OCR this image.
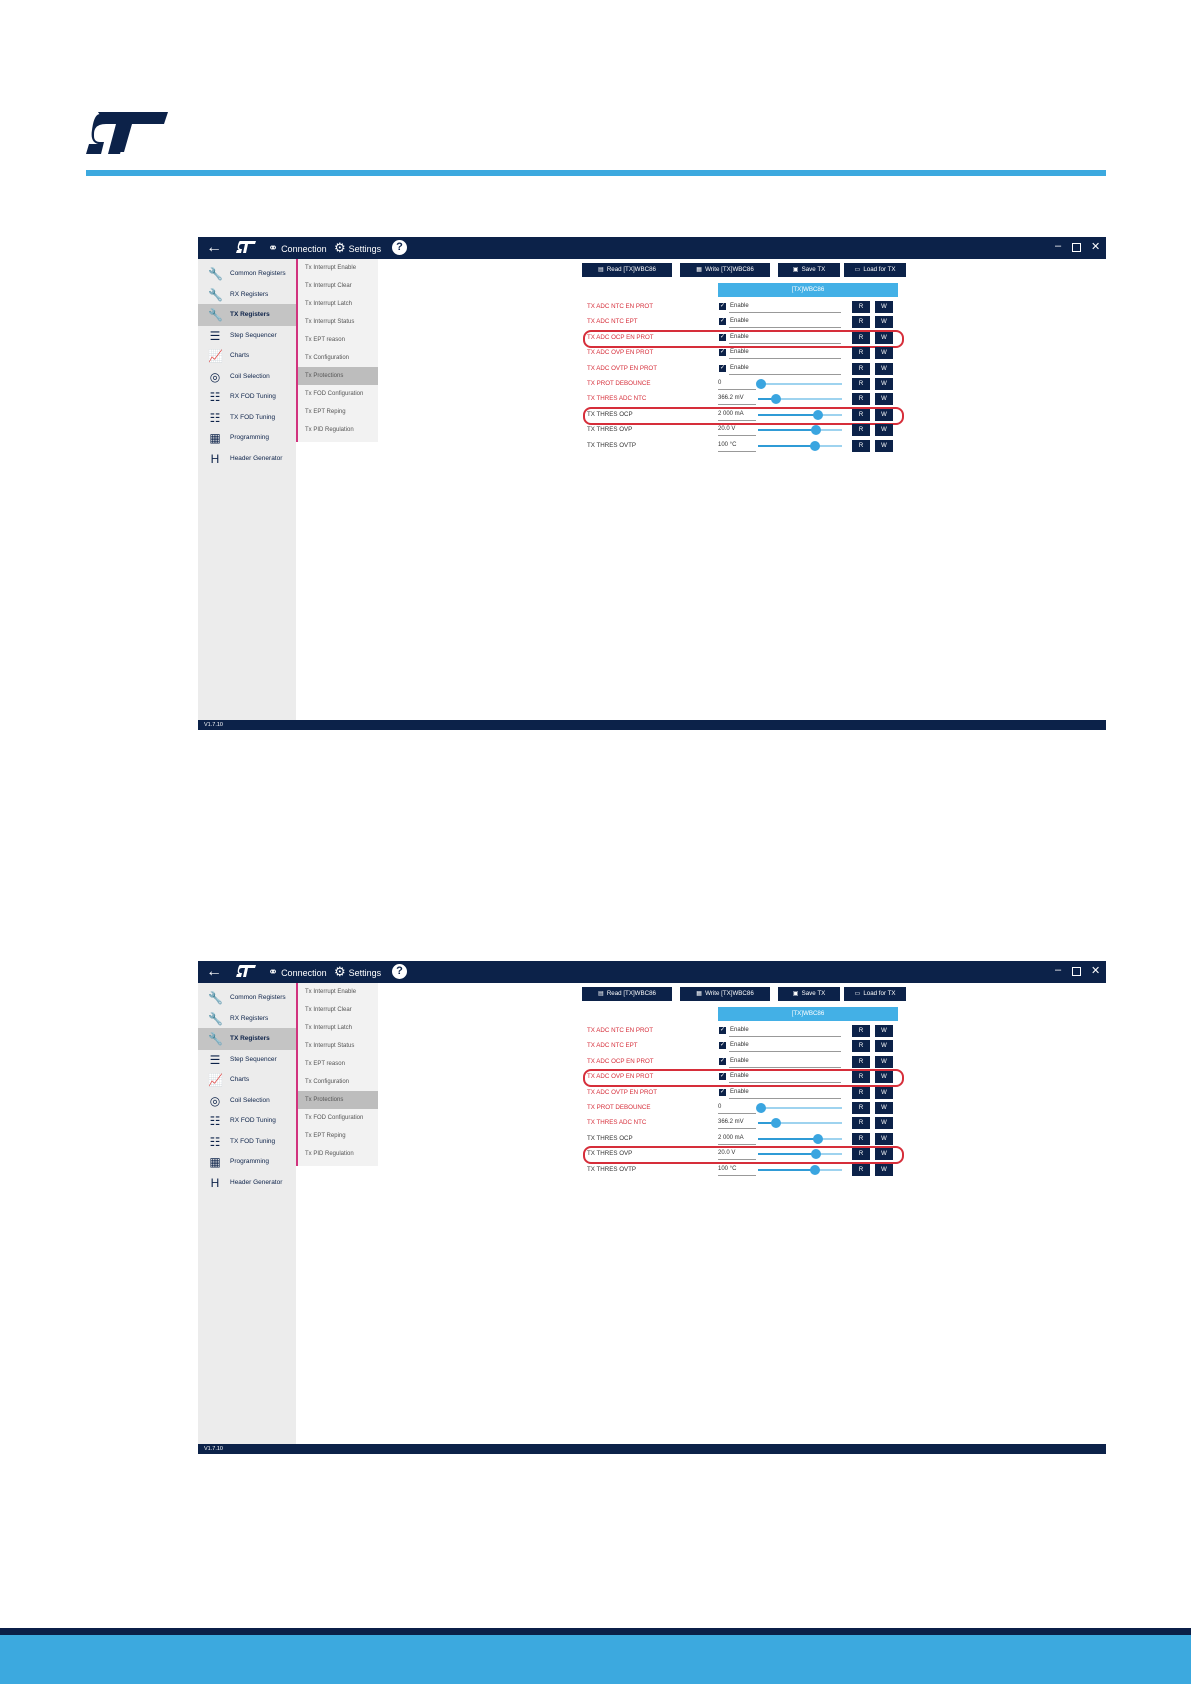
←	⚭ Connection ⚙ Settings	?	–	✕
🔧 Common Registers
🔧 RX Registers
🔧 TX Registers
☰ Step Sequencer
📈 Charts
◎ Coil Selection
☷ RX FOD Tuning
☷ TX FOD Tuning
▦ Programming
H	Header Generator
Tx Interrupt Enable
Tx Interrupt Clear
Tx Interrupt Latch
Tx Interrupt Status
Tx EPT reason
Tx Configuration
Tx Protections
Tx FOD Configuration
Tx EPT Reping
Tx PID Regulation
▤ Read [TX]WBC86	▦ Write [TX]WBC86	▣ Save TX	▭ Load for TX
[TX]WBC86
TX ADC NTC EN PROT	✓ Enable	R	W
TX ADC NTC EPT	✓ Enable	R	W
TX ADC OCP EN PROT	✓ Enable	R	W
TX ADC OVP EN PROT	✓ Enable	R	W
TX ADC OVTP EN PROT	✓ Enable	R	W
TX PROT DEBOUNCE	0	R	W
TX THRES ADC NTC	366.2 mV	R	W
TX THRES OCP	2 000 mA	R	W
TX THRES OVP	20.0 V	R	W
TX THRES OVTP	100 °C	R	W
V1.7.10
←	⚭ Connection ⚙ Settings	?	–	✕
🔧 Common Registers
🔧 RX Registers
🔧 TX Registers
☰ Step Sequencer
📈 Charts
◎ Coil Selection
☷ RX FOD Tuning
☷ TX FOD Tuning
▦ Programming
H	Header Generator
Tx Interrupt Enable
Tx Interrupt Clear
Tx Interrupt Latch
Tx Interrupt Status
Tx EPT reason
Tx Configuration
Tx Protections
Tx FOD Configuration
Tx EPT Reping
Tx PID Regulation
▤ Read [TX]WBC86	▦ Write [TX]WBC86	▣ Save TX	▭ Load for TX
[TX]WBC86
TX ADC NTC EN PROT	✓ Enable	R	W
TX ADC NTC EPT	✓ Enable	R	W
TX ADC OCP EN PROT	✓ Enable	R	W
TX ADC OVP EN PROT	✓ Enable	R	W
TX ADC OVTP EN PROT	✓ Enable	R	W
TX PROT DEBOUNCE	0	R	W
TX THRES ADC NTC	366.2 mV	R	W
TX THRES OCP	2 000 mA	R	W
TX THRES OVP	20.0 V	R	W
TX THRES OVTP	100 °C	R	W
V1.7.10
